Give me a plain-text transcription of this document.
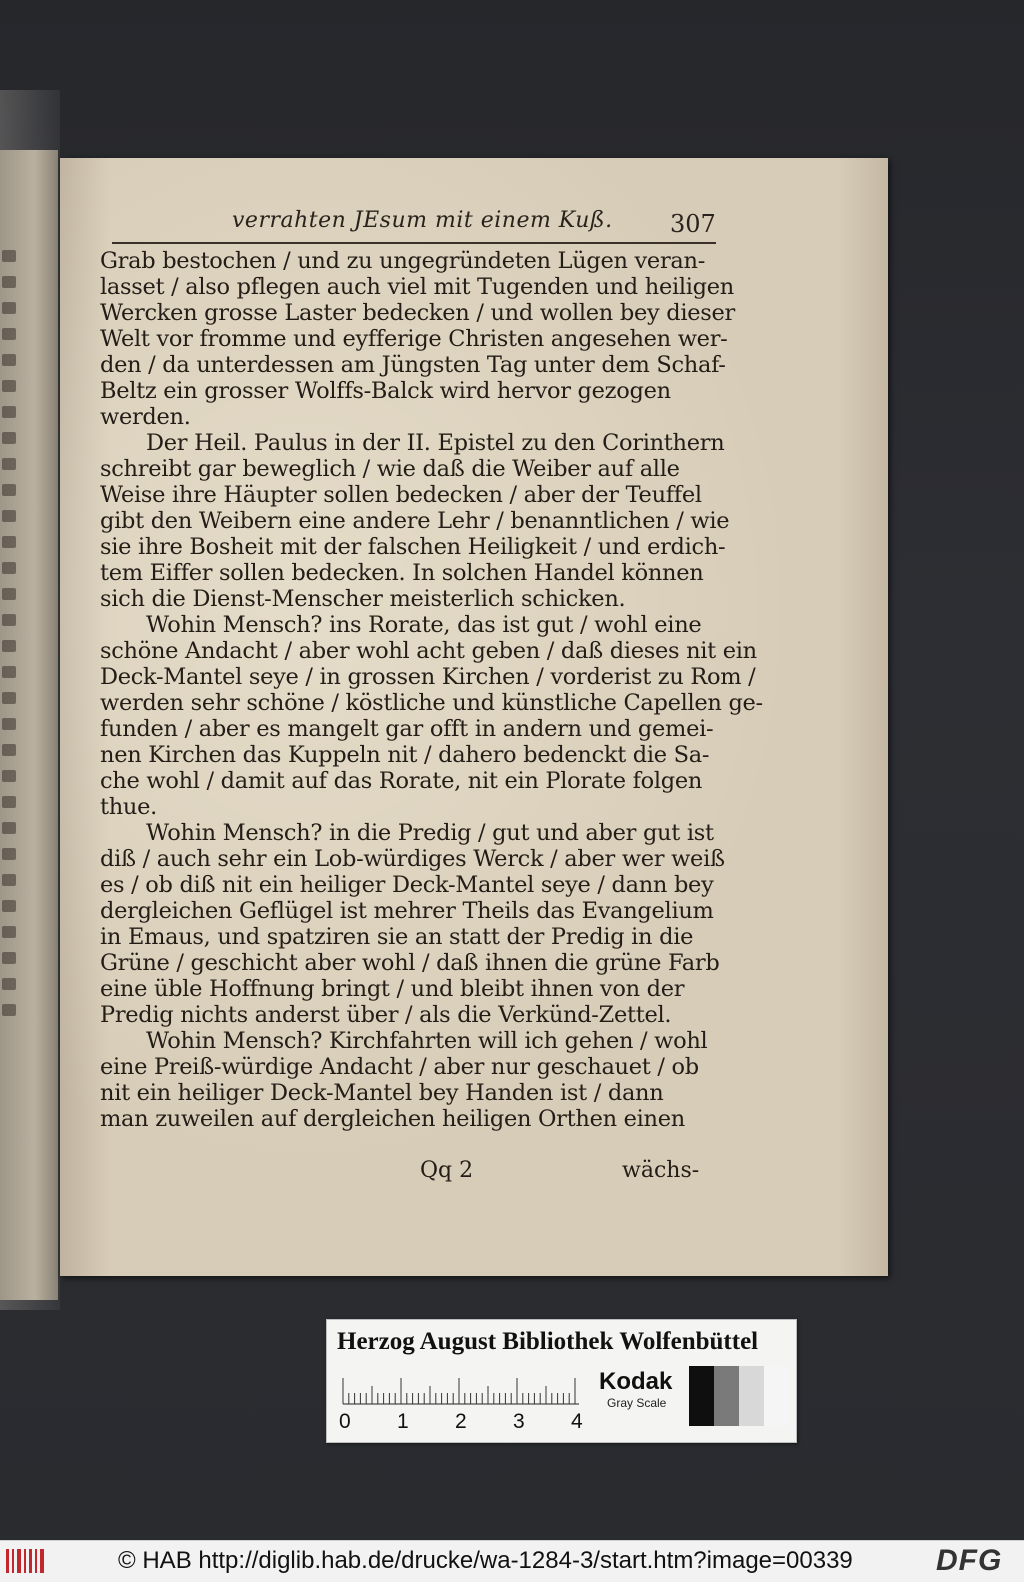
verrahten JEsum mit einem Kuß.	307
Grab bestochen / und zu ungegründeten Lügen veran-
lasset / also pflegen auch viel mit Tugenden und heiligen
Wercken grosse Laster bedecken / und wollen bey dieser
Welt vor fromme und eyfferige Christen angesehen wer-
den / da unterdessen am Jüngsten Tag unter dem Schaf-
Beltz ein grosser Wolffs-Balck wird hervor gezogen
werden.
Der Heil. Paulus in der II. Epistel zu den Corinthern
schreibt gar beweglich / wie daß die Weiber auf alle
Weise ihre Häupter sollen bedecken / aber der Teuffel
gibt den Weibern eine andere Lehr / benanntlichen / wie
sie ihre Bosheit mit der falschen Heiligkeit / und erdich-
tem Eiffer sollen bedecken. In solchen Handel können
sich die Dienst-Menscher meisterlich schicken.
Wohin Mensch? ins Rorate, das ist gut / wohl eine
schöne Andacht / aber wohl acht geben / daß dieses nit ein
Deck-Mantel seye / in grossen Kirchen / vorderist zu Rom /
werden sehr schöne / köstliche und künstliche Capellen ge-
funden / aber es mangelt gar offt in andern und gemei-
nen Kirchen das Kuppeln nit / dahero bedenckt die Sa-
che wohl / damit auf das Rorate, nit ein Plorate folgen
thue.
Wohin Mensch? in die Predig / gut und aber gut ist
diß / auch sehr ein Lob-würdiges Werck / aber wer weiß
es / ob diß nit ein heiliger Deck-Mantel seye / dann bey
dergleichen Geflügel ist mehrer Theils das Evangelium
in Emaus, und spatziren sie an statt der Predig in die
Grüne / geschicht aber wohl / daß ihnen die grüne Farb
eine üble Hoffnung bringt / und bleibt ihnen von der
Predig nichts anderst über / als die Verkünd-Zettel.
Wohin Mensch? Kirchfahrten will ich gehen / wohl
eine Preiß-würdige Andacht / aber nur geschauet / ob
nit ein heiliger Deck-Mantel bey Handen ist / dann
man zuweilen auf dergleichen heiligen Orthen einen
Qq 2	wächs-
Herzog August Bibliothek Wolfenbüttel
0 1 2 3 4
Kodak
Gray Scale
© HAB http://diglib.hab.de/drucke/wa-1284-3/start.htm?image=00339	DFG
